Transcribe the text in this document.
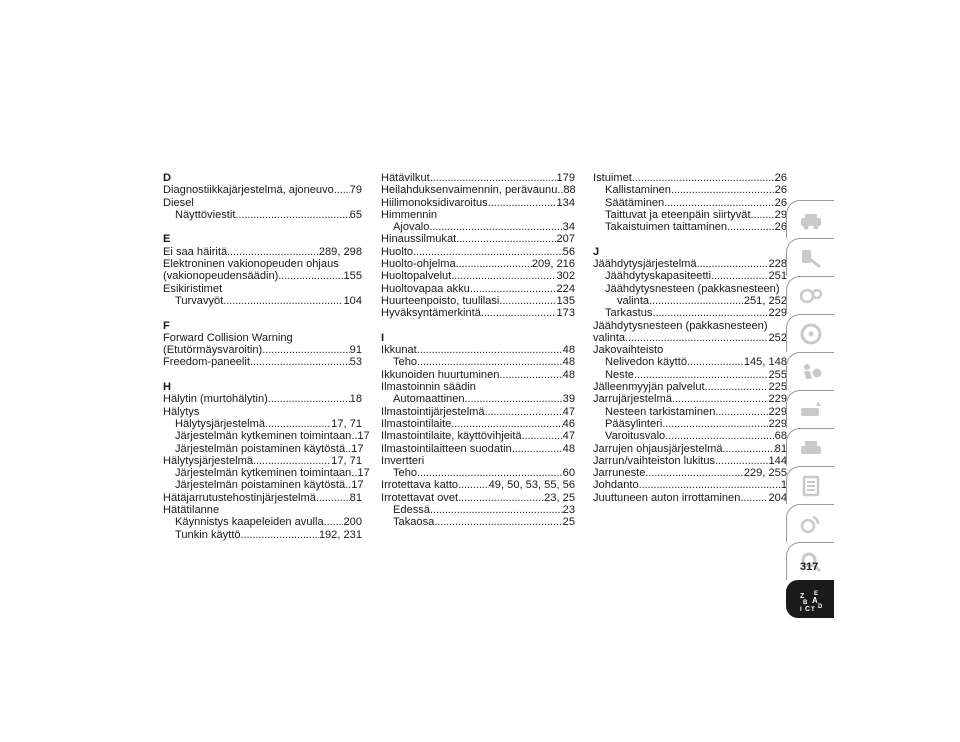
D
Diagnostiikkajärjestelmä, ajoneuvo . . . 79
Diesel
Näyttöviestit . . .	65
E
Ei saa häiritä . . .	289, 298
Elektroninen vakionopeuden ohjaus
(vakionopeudensäädin) . . .	155
Esikiristimet
Turvavyöt . . .	104
F
Forward Collision Warning
(Etutörmäysvaroitin) . . .	91
Freedom-paneelit . . .	53
H
Hälytin (murtohälytin) . . .	18
Hälytys
Hälytysjärjestelmä . . .	17, 71
Järjestelmän kytkeminen toimintaan . . . 17
Järjestelmän poistaminen käytöstä . . . 17
Hälytysjärjestelmä . . .	17, 71
Järjestelmän kytkeminen toimintaan . . . 17
Järjestelmän poistaminen käytöstä . . . 17
Hätäjarrutustehostinjärjestelmä . . .	81
Hätätilanne
Käynnistys kaapeleiden avulla . . . 200
Tunkin käyttö . . .	192, 231
Hätävilkut . . .	179
Heilahduksenvaimennin, perävaunu . . . 88
Hiilimonoksidivaroitus . . .	134
Himmennin
Ajovalo . . .	34
Hinaussilmukat . . .	207
Huolto . . .	56
Huolto-ohjelma . . .	209, 216
Huoltopalvelut . . .	302
Huoltovapaa akku . . .	224
Huurteenpoisto, tuulilasi . . .	135
Hyväksyntämerkintä . . .	173
I
Ikkunat . . .	48
Teho . . .	48
Ikkunoiden huurtuminen . . .	48
Ilmastoinnin säädin
Automaattinen . . .	39
Ilmastointijärjestelmä . . .	47
Ilmastointilaite . . .	46
Ilmastointilaite, käyttövihjeitä . . .	47
Ilmastointilaitteen suodatin . . .	48
Invertteri
Teho . . .	60
Irrotettava katto . . .	49, 50, 53, 55, 56
Irrotettavat ovet . . .	23, 25
Edessä . . .	23
Takaosa . . .	25
Istuimet . . .	26
Kallistaminen . . .	26
Säätäminen . . .	26
Taittuvat ja eteenpäin siirtyvät . . . 29
Takaistuimen taittaminen . . .	26
J
Jäähdytysjärjestelmä . . .	228
Jäähdytyskapasiteetti . . .	251
Jäähdytysnesteen (pakkasnesteen)
valinta . . .	251, 252
Tarkastus . . .	229
Jäähdytysnesteen (pakkasnesteen)
valinta . . .	252
Jakovaihteisto
Nelivedon käyttö . . .	145, 148
Neste . . .	255
Jälleenmyyjän palvelut . . .	225
Jarrujärjestelmä . . .	229
Nesteen tarkistaminen . . .	229
Pääsylinteri . . .	229
Varoitusvalo . . .	68
Jarrujen ohjausjärjestelmä . . .	81
Jarrun/vaihteiston lukitus . . .	144
Jarruneste . . .	229, 255
Johdanto . . .	1
Juuttuneen auton irrottaminen . . .	204
Z E
B A
I C T D
317
